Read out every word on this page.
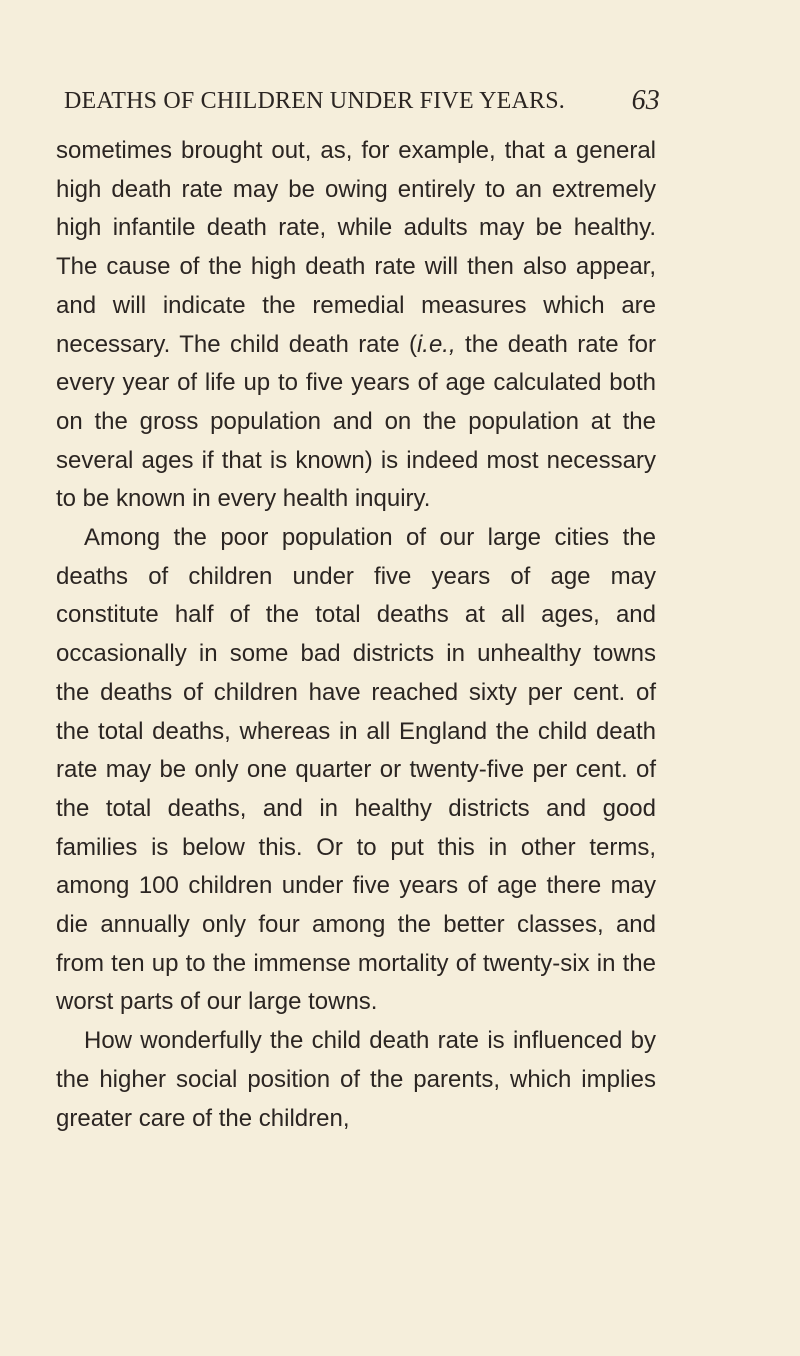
DEATHS OF CHILDREN UNDER FIVE YEARS. 63

sometimes brought out, as, for example, that a general high death rate may be owing entirely to an extremely high infantile death rate, while adults may be healthy. The cause of the high death rate will then also appear, and will indicate the remedial measures which are necessary. The child death rate (i.e., the death rate for every year of life up to five years of age calculated both on the gross population and on the population at the several ages if that is known) is indeed most necessary to be known in every health inquiry.

Among the poor population of our large cities the deaths of children under five years of age may constitute half of the total deaths at all ages, and occasionally in some bad districts in unhealthy towns the deaths of children have reached sixty per cent. of the total deaths, whereas in all England the child death rate may be only one quarter or twenty-five per cent. of the total deaths, and in healthy districts and good families is below this. Or to put this in other terms, among 100 children under five years of age there may die annually only four among the better classes, and from ten up to the immense mortality of twenty-six in the worst parts of our large towns.

How wonderfully the child death rate is influenced by the higher social position of the parents, which implies greater care of the children,
